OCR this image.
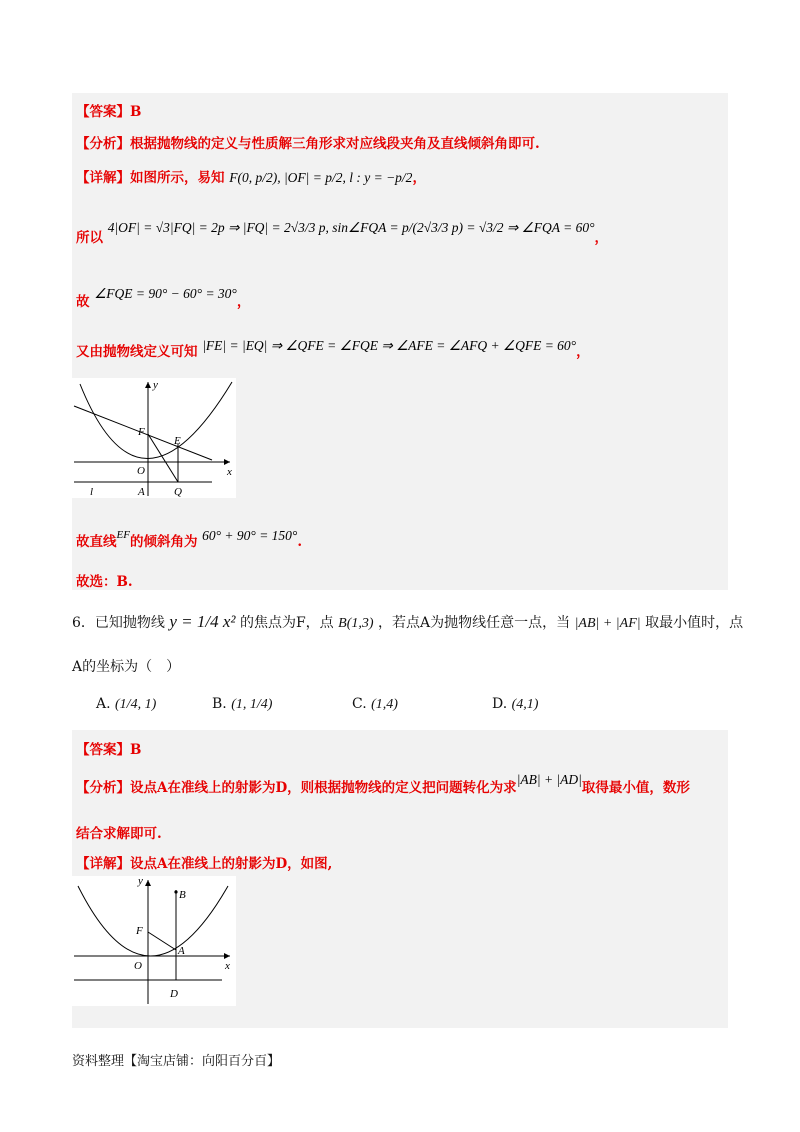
【答案】B
【分析】根据抛物线的定义与性质解三角形求对应线段夹角及直线倾斜角即可.
【详解】如图所示，易知 F(0, p/2), |OF| = p/2, l : y = −p/2，
所以 4|OF| = √3|FQ| = 2p ⇒ |FQ| = 2√3/3 p, sin∠FQA = p/(2√3/3 p) = √3/2 ⇒ ∠FQA = 60°，
故 ∠FQE = 90° − 60° = 30°，
又由抛物线定义可知 |FE| = |EQ| ⇒ ∠QFE = ∠FQE ⇒ ∠AFE = ∠AFQ + ∠QFE = 60°，
y
x
F
E
O
A	Q
l
故直线$^{EF}$的倾斜角为 60° + 90° = 150°.
故选：B.
6．已知抛物线 y = 1/4 x² 的焦点为F，点 B(1,3) ，若点A为抛物线任意一点，当 |AB| + |AF| 取最小值时，点
A的坐标为（　）
A. (1/4, 1)	B. (1, 1/4)	C. (1,4)	D. (4,1)
【答案】B
【分析】设点A在准线上的射影为D，则根据抛物线的定义把问题转化为求|AB| + |AD|取得最小值，数形
结合求解即可.
【详解】设点A在准线上的射影为D，如图,
y
x
B
F
A
O
D
资料整理【淘宝店铺：向阳百分百】
